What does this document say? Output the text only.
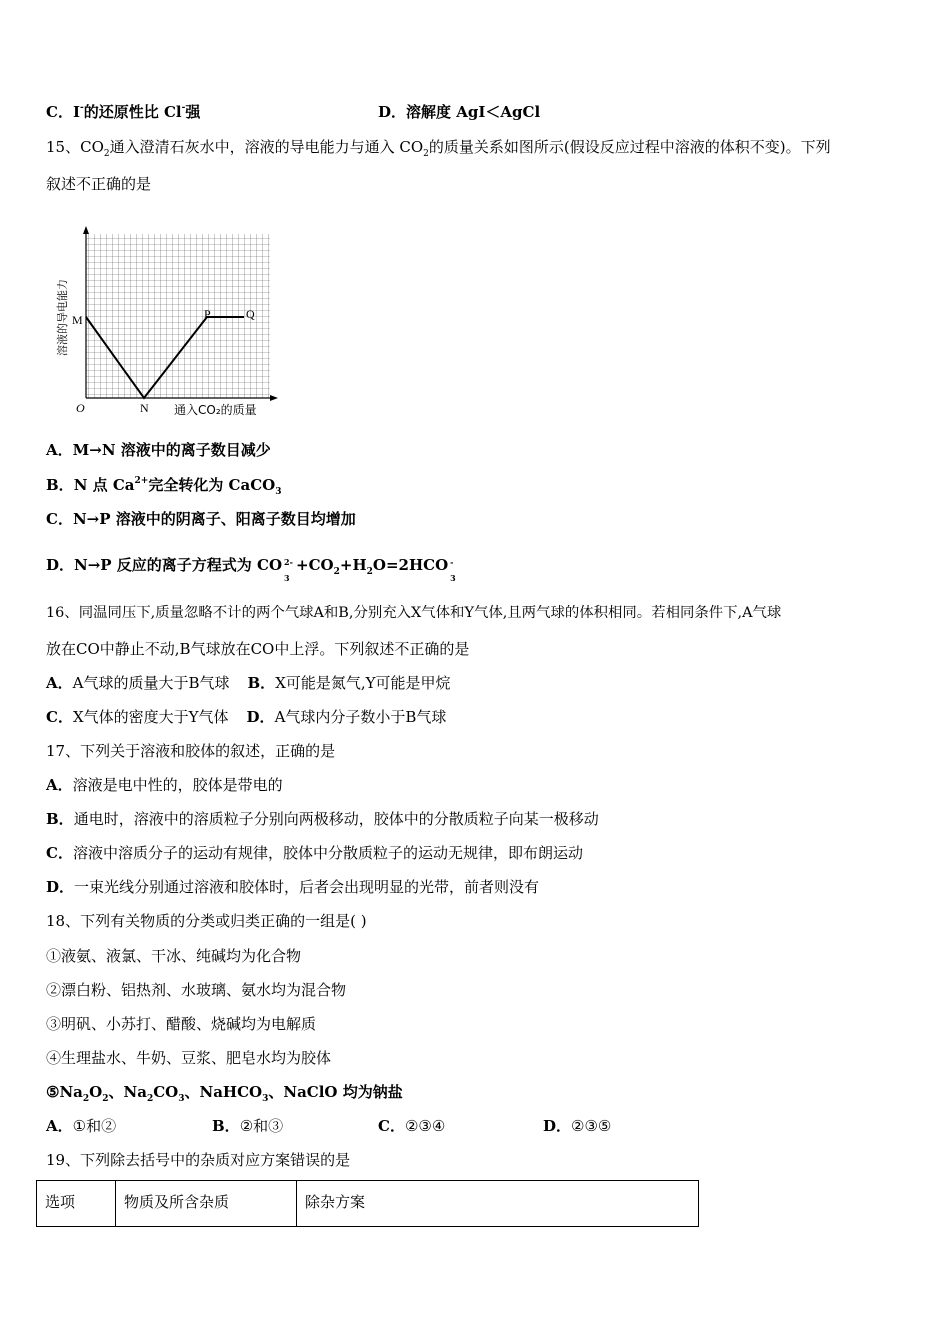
C．I-的还原性比 Cl-强	D．溶解度 AgI＜AgCl
15、$CO_2$通入澄清石灰水中，溶液的导电能力与通入 $CO_2$的质量关系如图所示(假设反应过程中溶液的体积不变)。下列
叙述不正确的是
O
M
N
P	Q
通入CO₂的质量
溶液的导电能力
A．M→N 溶液中的离子数目减少
B．N 点 $Ca^{2+}$完全转化为 CaCO$_3$
C．N→P 溶液中的阴离子、阳离子数目均增加
D．N→P 反应的离子方程式为 CO 2-
3
$+CO_2+H_2O=2HCO$ -
3
16、同温同压下,质量忽略不计的两个气球A和B,分别充入X气体和Y气体,且两气球的体积相同。若相同条件下,A气球
放在CO中静止不动,B气球放在CO中上浮。下列叙述不正确的是
A．A气球的质量大于B气球 B．X可能是氮气,Y可能是甲烷
C．X气体的密度大于Y气体 D．A气球内分子数小于B气球
17、下列关于溶液和胶体的叙述，正确的是
A．溶液是电中性的，胶体是带电的
B．通电时，溶液中的溶质粒子分别向两极移动，胶体中的分散质粒子向某一极移动
C．溶液中溶质分子的运动有规律，胶体中分散质粒子的运动无规律，即布朗运动
D．一束光线分别通过溶液和胶体时，后者会出现明显的光带，前者则没有
18、下列有关物质的分类或归类正确的一组是( )
①液氨、液氯、干冰、纯碱均为化合物
②漂白粉、铝热剂、水玻璃、氨水均为混合物
③明矾、小苏打、醋酸、烧碱均为电解质
④生理盐水、牛奶、豆浆、肥皂水均为胶体
$⑤Na_2O_2$、$Na_2CO_3$、NaHCO$_3$、NaClO 均为钠盐
A．①和②	B．②和③	C．②③④	D．②③⑤
19、下列除去括号中的杂质对应方案错误的是
选项	物质及所含杂质	除杂方案
